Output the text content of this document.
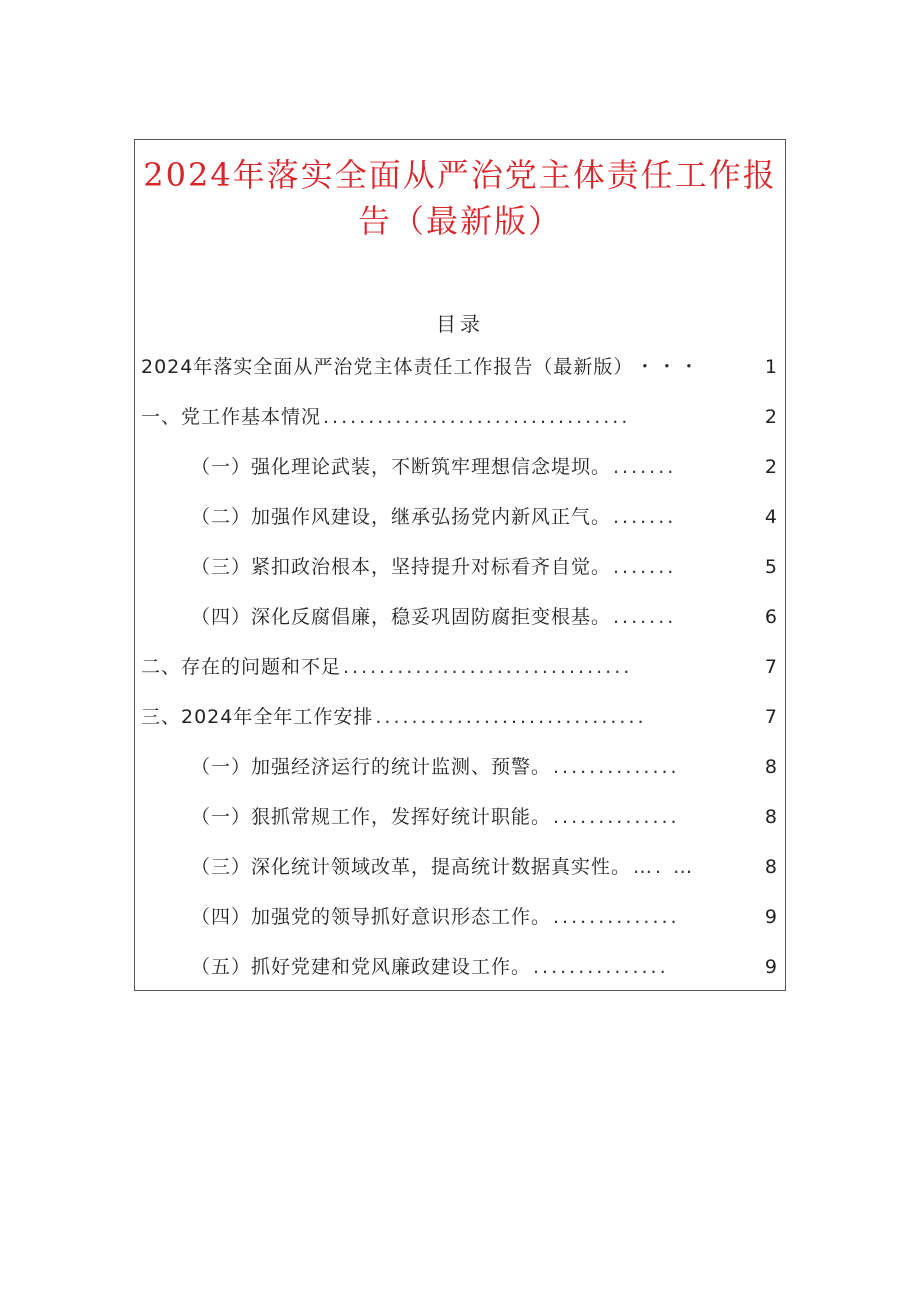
2024年落实全面从严治党主体责任工作报
告（最新版）
目录
2024年落实全面从严治党主体责任工作报告（最新版） ・・・	1
一、党工作基本情况 ..................................	2
（一）强化理论武装，不断筑牢理想信念堤坝。 .......	2
（二）加强作风建设，继承弘扬党内新风正气。 .......	4
（三）紧扣政治根本，坚持提升对标看齐自觉。 .......	5
（四）深化反腐倡廉，稳妥巩固防腐拒变根基。 .......	6
二、存在的问题和不足 ................................	7
三、2024年全年工作安排 ..............................	7
（一）加强经济运行的统计监测、预警。 ..............	8
（一）狠抓常规工作，发挥好统计职能。 ..............	8
（三）深化统计领域改革，提高统计数据真实性。 …. …	8
（四）加强党的领导抓好意识形态工作。 ..............	9
（五）抓好党建和党风廉政建设工作。 ...............	9
